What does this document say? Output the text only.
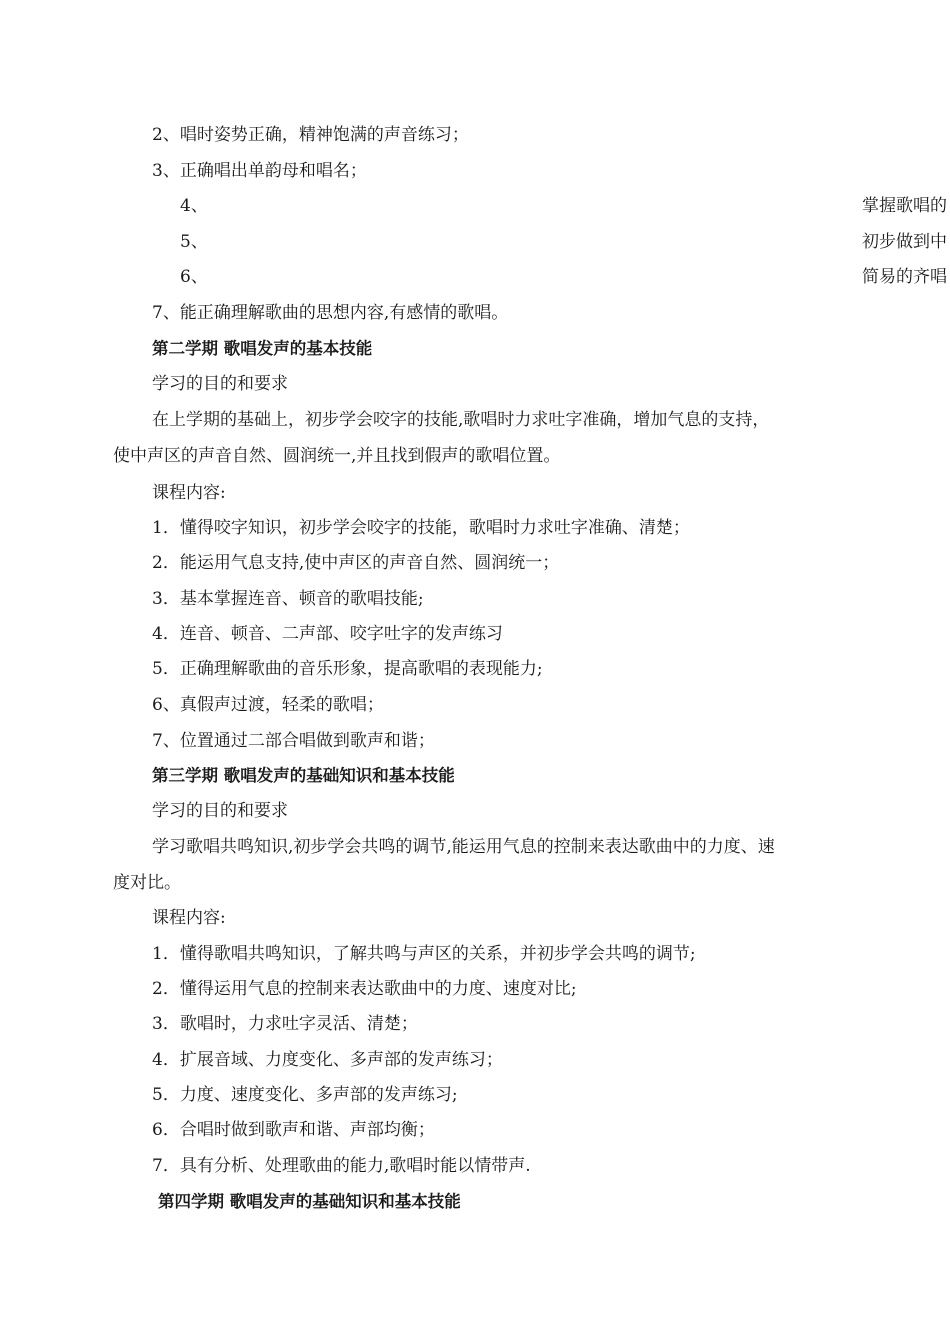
2、唱时姿势正确，精神饱满的声音练习；
3、正确唱出单韵母和唱名；
4、	掌握歌唱的
5、	初步做到中
6、	简易的齐唱
7、能正确理解歌曲的思想内容,有感情的歌唱。
第二学期 歌唱发声的基本技能
学习的目的和要求
在上学期的基础上，初步学会咬字的技能,歌唱时力求吐字准确，增加气息的支持，
使中声区的声音自然、圆润统一,并且找到假声的歌唱位置。
课程内容:
1．懂得咬字知识，初步学会咬字的技能，歌唱时力求吐字准确、清楚；
2．能运用气息支持,使中声区的声音自然、圆润统一；
3．基本掌握连音、顿音的歌唱技能;
4．连音、顿音、二声部、咬字吐字的发声练习
5．正确理解歌曲的音乐形象，提高歌唱的表现能力;
6、真假声过渡，轻柔的歌唱；
7、位置通过二部合唱做到歌声和谐；
第三学期 歌唱发声的基础知识和基本技能
学习的目的和要求
学习歌唱共鸣知识,初步学会共鸣的调节,能运用气息的控制来表达歌曲中的力度、速
度对比。
课程内容:
1．懂得歌唱共鸣知识，了解共鸣与声区的关系，并初步学会共鸣的调节;
2．懂得运用气息的控制来表达歌曲中的力度、速度对比;
3．歌唱时，力求吐字灵活、清楚；
4．扩展音域、力度变化、多声部的发声练习；
5．力度、速度变化、多声部的发声练习;
6．合唱时做到歌声和谐、声部均衡；
7．具有分析、处理歌曲的能力,歌唱时能以情带声.
第四学期 歌唱发声的基础知识和基本技能
